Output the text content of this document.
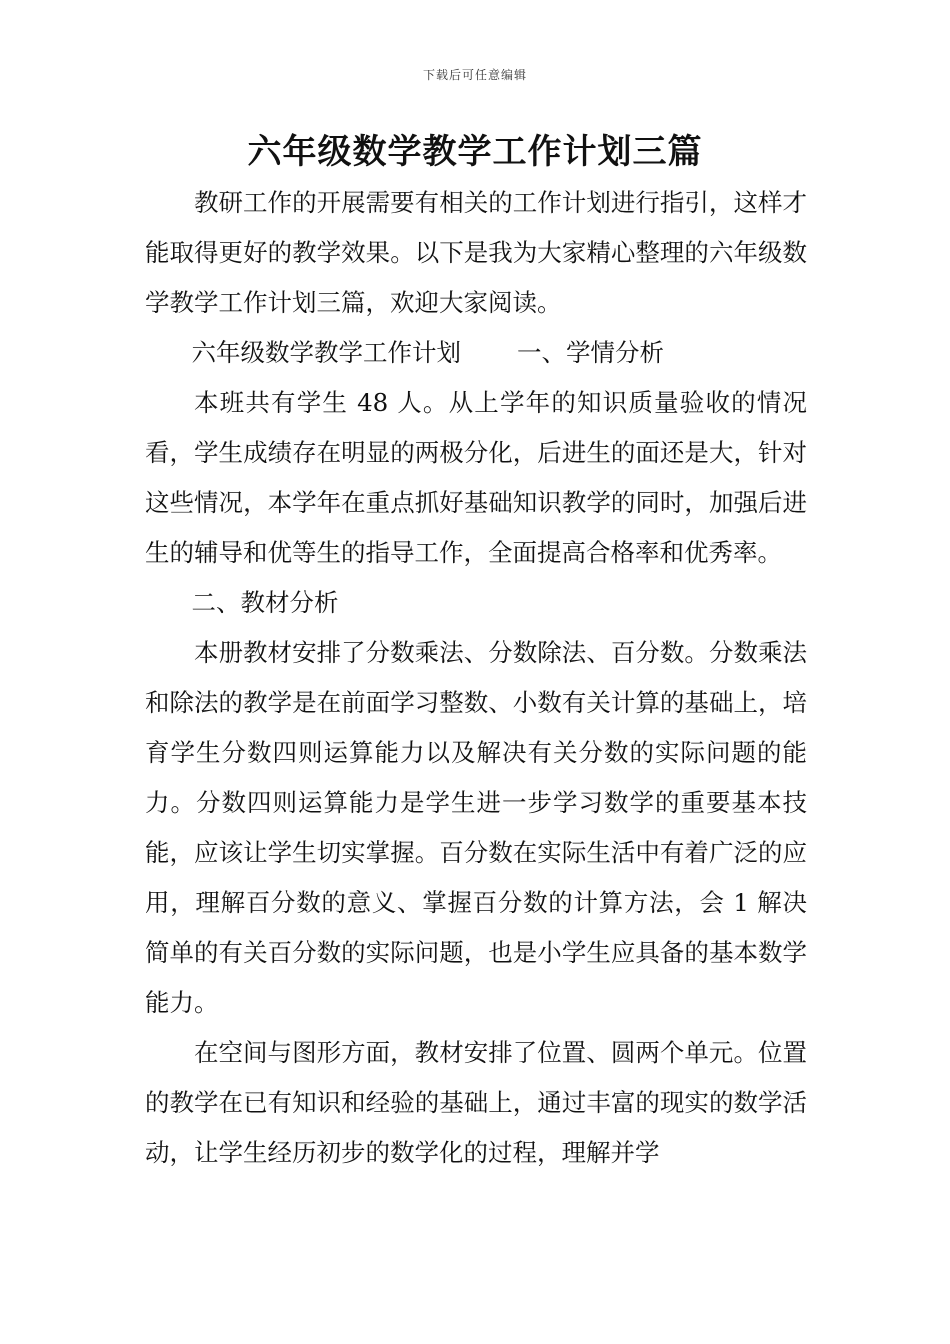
下载后可任意编辑
六年级数学教学工作计划三篇

教研工作的开展需要有相关的工作计划进行指引，这样才能取得更好的教学效果。以下是我为大家精心整理的六年级数学教学工作计划三篇，欢迎大家阅读。

六年级数学教学工作计划 一、学情分析

本班共有学生 48 人。从上学年的知识质量验收的情况看，学生成绩存在明显的两极分化，后进生的面还是大，针对这些情况，本学年在重点抓好基础知识教学的同时，加强后进生的辅导和优等生的指导工作，全面提高合格率和优秀率。

二、教材分析

本册教材安排了分数乘法、分数除法、百分数。分数乘法和除法的教学是在前面学习整数、小数有关计算的基础上，培育学生分数四则运算能力以及解决有关分数的实际问题的能力。分数四则运算能力是学生进一步学习数学的重要基本技能，应该让学生切实掌握。百分数在实际生活中有着广泛的应用，理解百分数的意义、掌握百分数的计算方法，会 1 解决简单的有关百分数的实际问题，也是小学生应具备的基本数学能力。

在空间与图形方面，教材安排了位置、圆两个单元。位置的教学在已有知识和经验的基础上，通过丰富的现实的数学活动，让学生经历初步的数学化的过程，理解并学
